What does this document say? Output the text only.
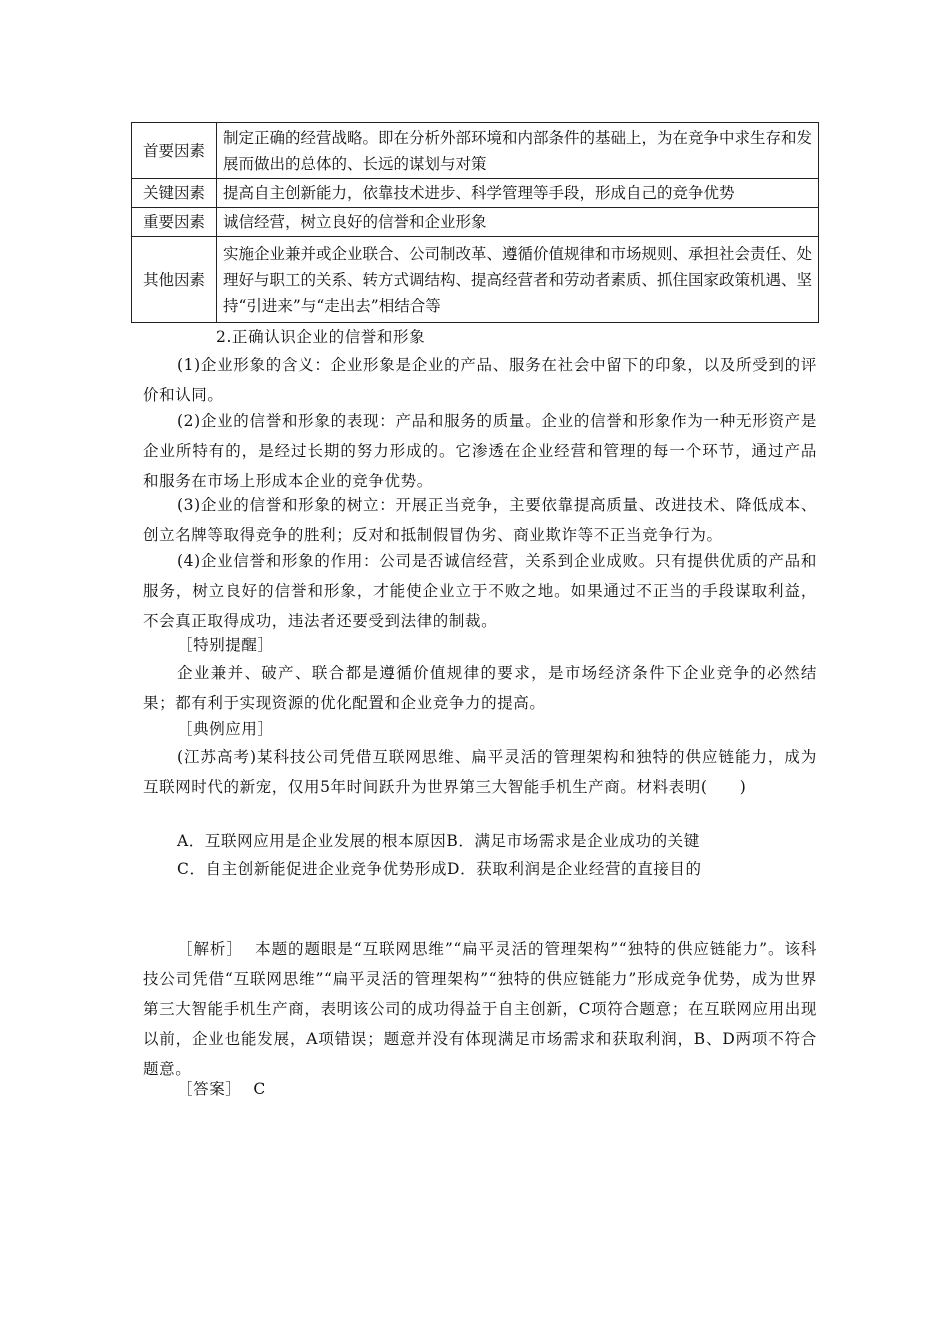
首要因素	制定正确的经营战略。即在分析外部环境和内部条件的基础上，为在竞争中求生存和发展而做出的总体的、长远的谋划与对策
关键因素	提高自主创新能力，依靠技术进步、科学管理等手段，形成自己的竞争优势
重要因素	诚信经营，树立良好的信誉和企业形象
其他因素	实施企业兼并或企业联合、公司制改革、遵循价值规律和市场规则、承担社会责任、处理好与职工的关系、转方式调结构、提高经营者和劳动者素质、抓住国家政策机遇、坚持“引进来”与“走出去”相结合等

2.正确认识企业的信誉和形象

(1)企业形象的含义：企业形象是企业的产品、服务在社会中留下的印象，以及所受到的评价和认同。

(2)企业的信誉和形象的表现：产品和服务的质量。企业的信誉和形象作为一种无形资产是企业所特有的，是经过长期的努力形成的。它渗透在企业经营和管理的每一个环节，通过产品和服务在市场上形成本企业的竞争优势。

(3)企业的信誉和形象的树立：开展正当竞争，主要依靠提高质量、改进技术、降低成本、创立名牌等取得竞争的胜利；反对和抵制假冒伪劣、商业欺诈等不正当竞争行为。

(4)企业信誉和形象的作用：公司是否诚信经营，关系到企业成败。只有提供优质的产品和服务，树立良好的信誉和形象，才能使企业立于不败之地。如果通过不正当的手段谋取利益，不会真正取得成功，违法者还要受到法律的制裁。

［特别提醒］

企业兼并、破产、联合都是遵循价值规律的要求，是市场经济条件下企业竞争的必然结果；都有利于实现资源的优化配置和企业竞争力的提高。

［典例应用］

(江苏高考)某科技公司凭借互联网思维、扁平灵活的管理架构和独特的供应链能力，成为互联网时代的新宠，仅用5年时间跃升为世界第三大智能手机生产商。材料表明(　　)

A．互联网应用是企业发展的根本原因B．满足市场需求是企业成功的关键

C．自主创新能促进企业竞争优势形成D．获取利润是企业经营的直接目的

［解析］ 本题的题眼是“互联网思维”“扁平灵活的管理架构”“独特的供应链能力”。该科技公司凭借“互联网思维”“扁平灵活的管理架构”“独特的供应链能力”形成竞争优势，成为世界第三大智能手机生产商，表明该公司的成功得益于自主创新，C项符合题意；在互联网应用出现以前，企业也能发展，A项错误；题意并没有体现满足市场需求和获取利润，B、D两项不符合题意。

［答案］ C
